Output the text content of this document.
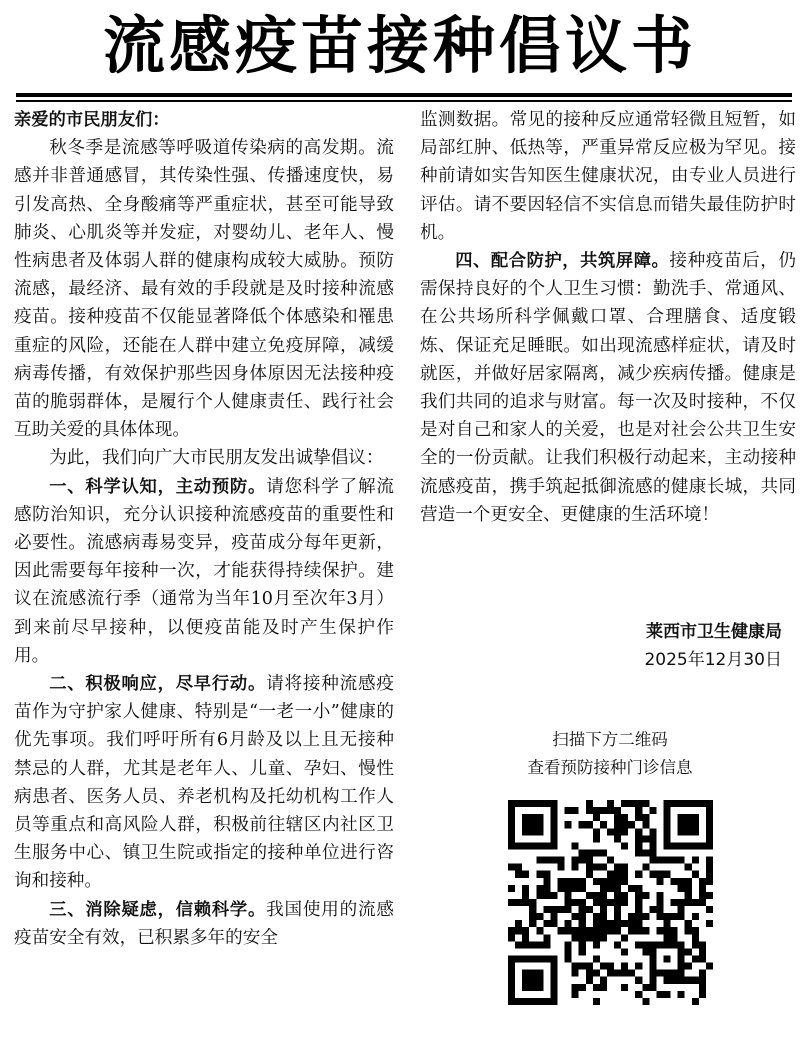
流感疫苗接种倡议书

亲爱的市民朋友们：

秋冬季是流感等呼吸道传染病的高发期。流感并非普通感冒，其传染性强、传播速度快，易引发高热、全身酸痛等严重症状，甚至可能导致肺炎、心肌炎等并发症，对婴幼儿、老年人、慢性病患者及体弱人群的健康构成较大威胁。预防流感，最经济、最有效的手段就是及时接种流感疫苗。接种疫苗不仅能显著降低个体感染和罹患重症的风险，还能在人群中建立免疫屏障，减缓病毒传播，有效保护那些因身体原因无法接种疫苗的脆弱群体，是履行个人健康责任、践行社会互助关爱的具体体现。

为此，我们向广大市民朋友发出诚挚倡议：

一、科学认知，主动预防。请您科学了解流感防治知识，充分认识接种流感疫苗的重要性和必要性。流感病毒易变异，疫苗成分每年更新，因此需要每年接种一次，才能获得持续保护。建议在流感流行季（通常为当年10月至次年3月）到来前尽早接种，以便疫苗能及时产生保护作用。

二、积极响应，尽早行动。请将接种流感疫苗作为守护家人健康、特别是“一老一小”健康的优先事项。我们呼吁所有6月龄及以上且无接种禁忌的人群，尤其是老年人、儿童、孕妇、慢性病患者、医务人员、养老机构及托幼机构工作人员等重点和高风险人群，积极前往辖区内社区卫生服务中心、镇卫生院或指定的接种单位进行咨询和接种。

三、消除疑虑，信赖科学。我国使用的流感疫苗安全有效，已积累多年的安全

监测数据。常见的接种反应通常轻微且短暂，如局部红肿、低热等，严重异常反应极为罕见。接种前请如实告知医生健康状况，由专业人员进行评估。请不要因轻信不实信息而错失最佳防护时机。

四、配合防护，共筑屏障。接种疫苗后，仍需保持良好的个人卫生习惯：勤洗手、常通风、在公共场所科学佩戴口罩、合理膳食、适度锻炼、保证充足睡眠。如出现流感样症状，请及时就医，并做好居家隔离，减少疾病传播。健康是我们共同的追求与财富。每一次及时接种，不仅是对自己和家人的关爱，也是对社会公共卫生安全的一份贡献。让我们积极行动起来，主动接种流感疫苗，携手筑起抵御流感的健康长城，共同营造一个更安全、更健康的生活环境！

莱西市卫生健康局
2025年12月30日
扫描下方二维码
查看预防接种门诊信息
